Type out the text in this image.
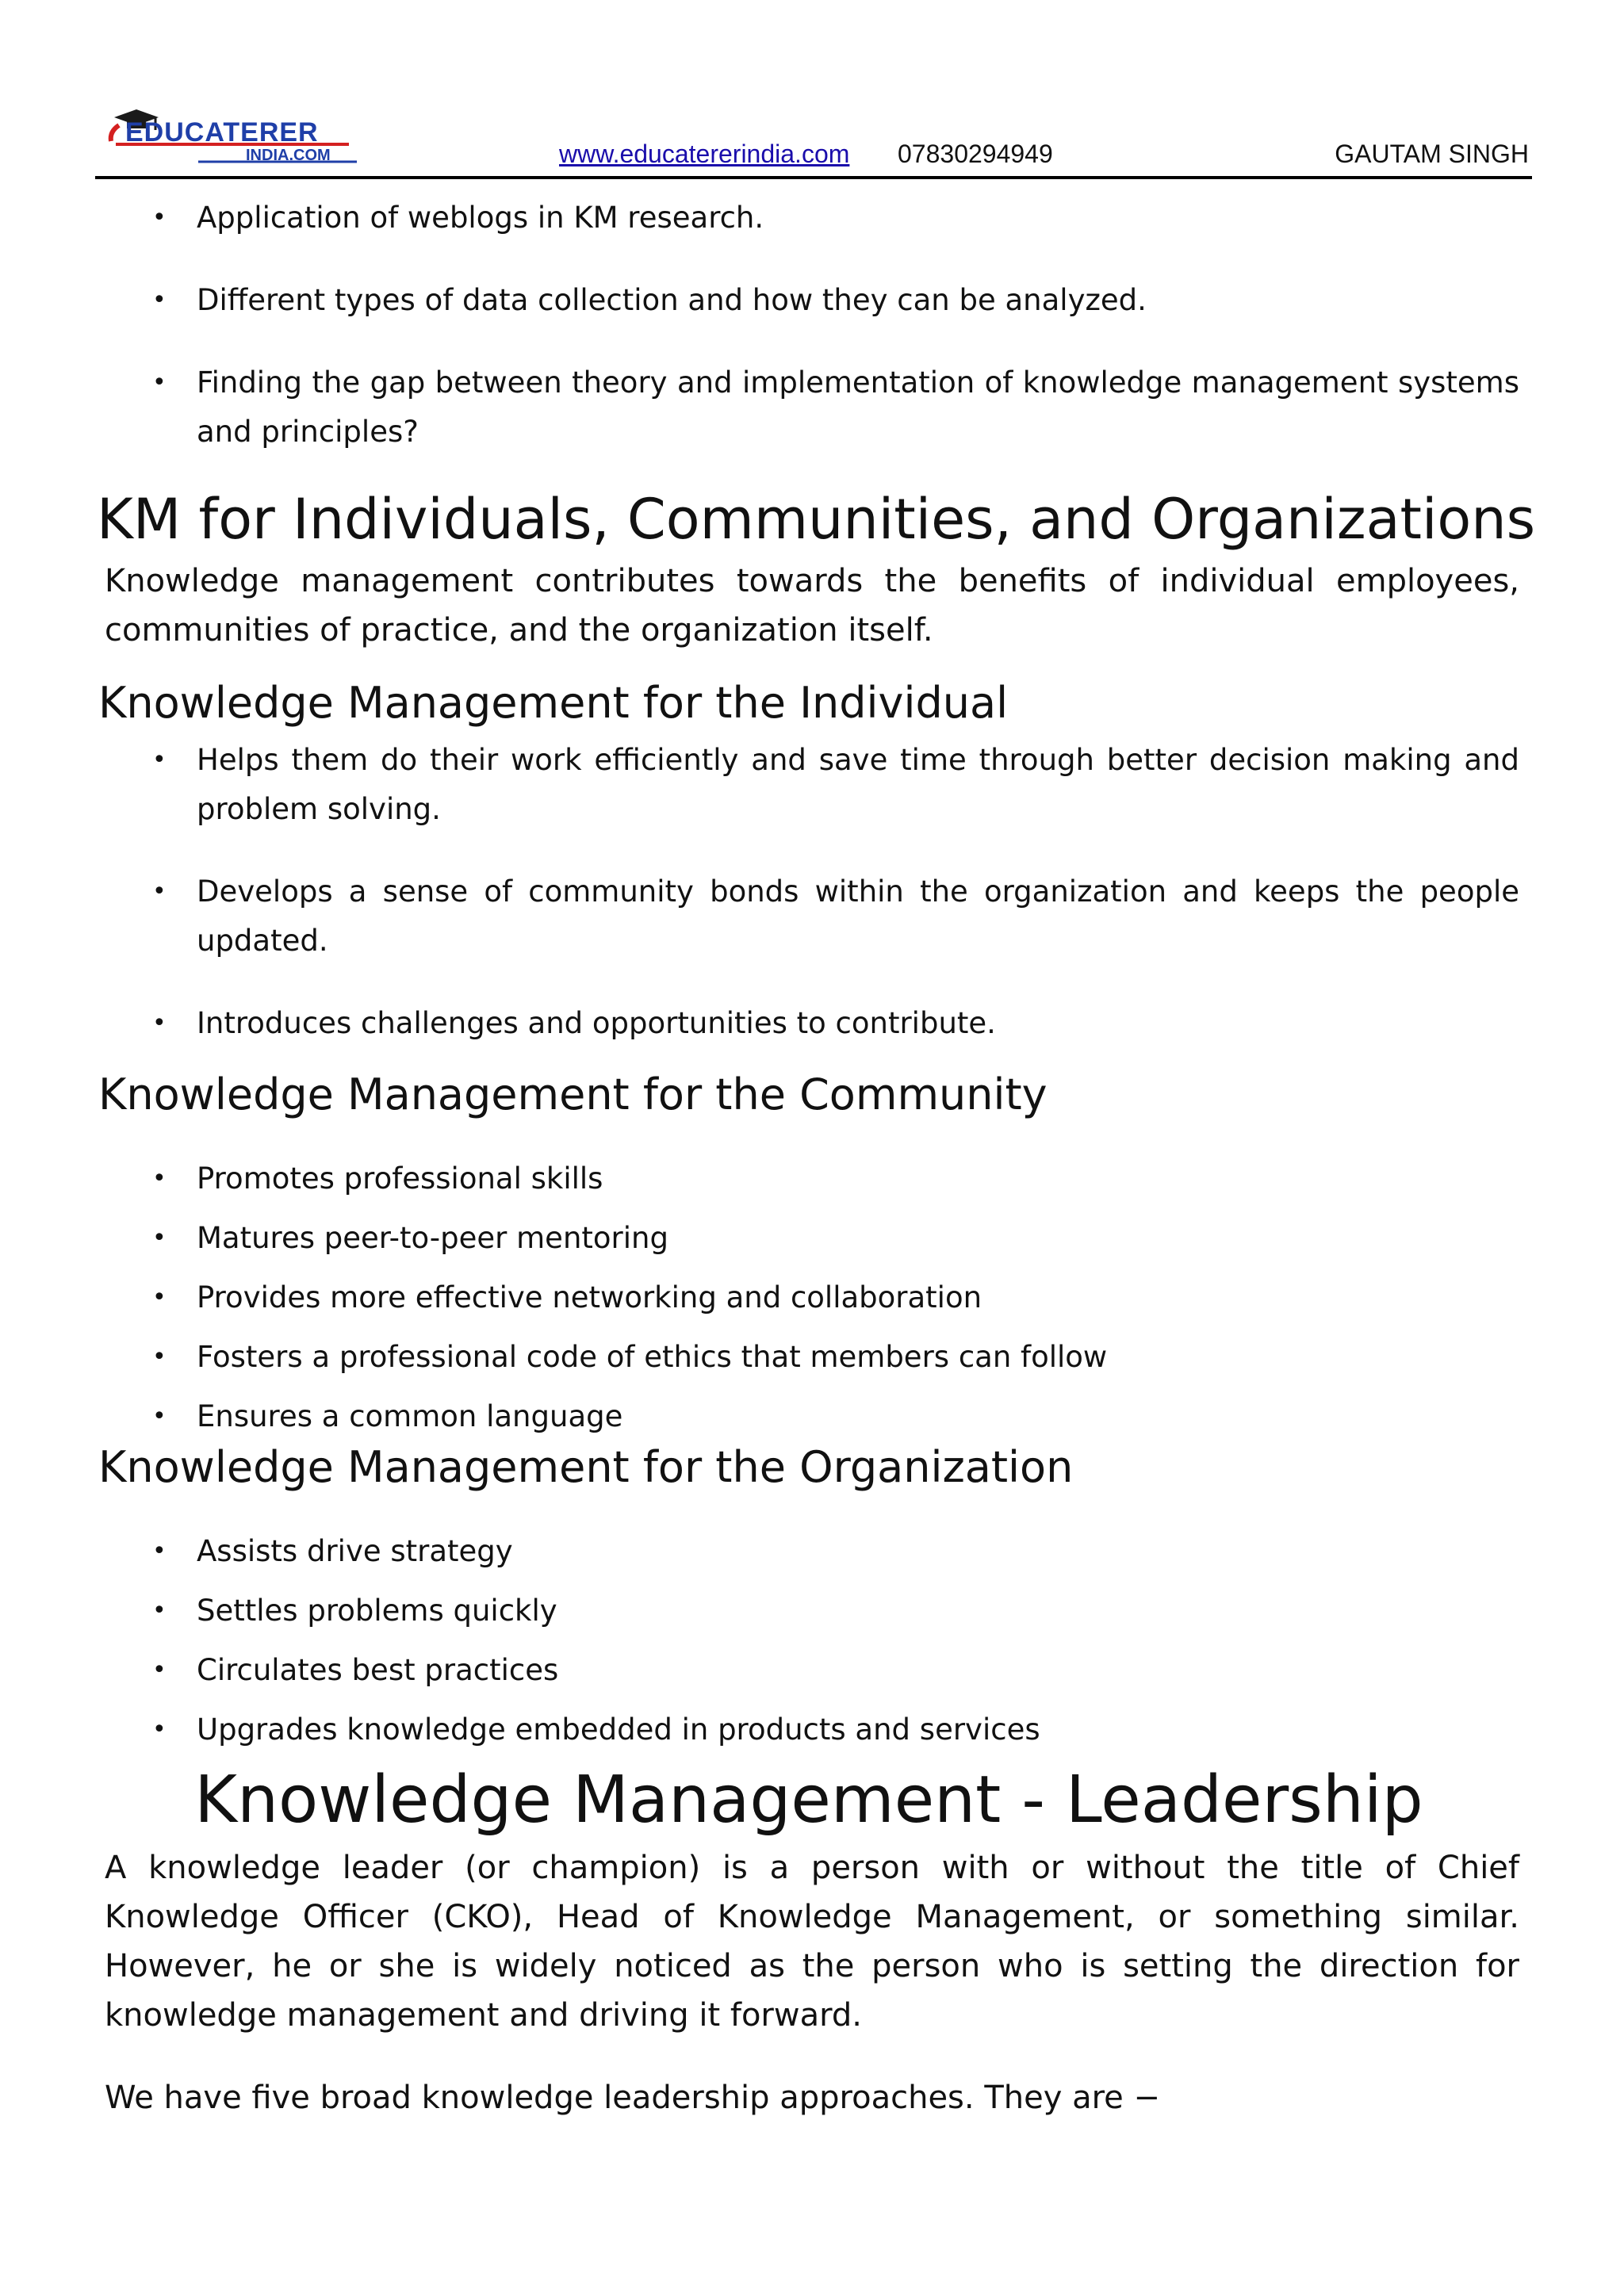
EDUCATERER
INDIA.COM	www.educatererindia.com 07830294949	GAUTAM SINGH
• Application of weblogs in KM research.
• Different types of data collection and how they can be analyzed.
• Finding the gap between theory and implementation of knowledge management systems and principles?
KM for Individuals, Communities, and Organizations

Knowledge management contributes towards the benefits of individual employees, communities of practice, and the organization itself.

Knowledge Management for the Individual
• Helps them do their work efficiently and save time through better decision making and problem solving.
• Develops a sense of community bonds within the organization and keeps the people updated.
• Introduces challenges and opportunities to contribute.
Knowledge Management for the Community
• Promotes professional skills
• Matures peer-to-peer mentoring
• Provides more effective networking and collaboration
• Fosters a professional code of ethics that members can follow
• Ensures a common language
Knowledge Management for the Organization
• Assists drive strategy
• Settles problems quickly
• Circulates best practices
• Upgrades knowledge embedded in products and services
Knowledge Management - Leadership

A knowledge leader (or champion) is a person with or without the title of Chief Knowledge Officer (CKO), Head of Knowledge Management, or something similar. However, he or she is widely noticed as the person who is setting the direction for knowledge management and driving it forward.

We have five broad knowledge leadership approaches. They are −
